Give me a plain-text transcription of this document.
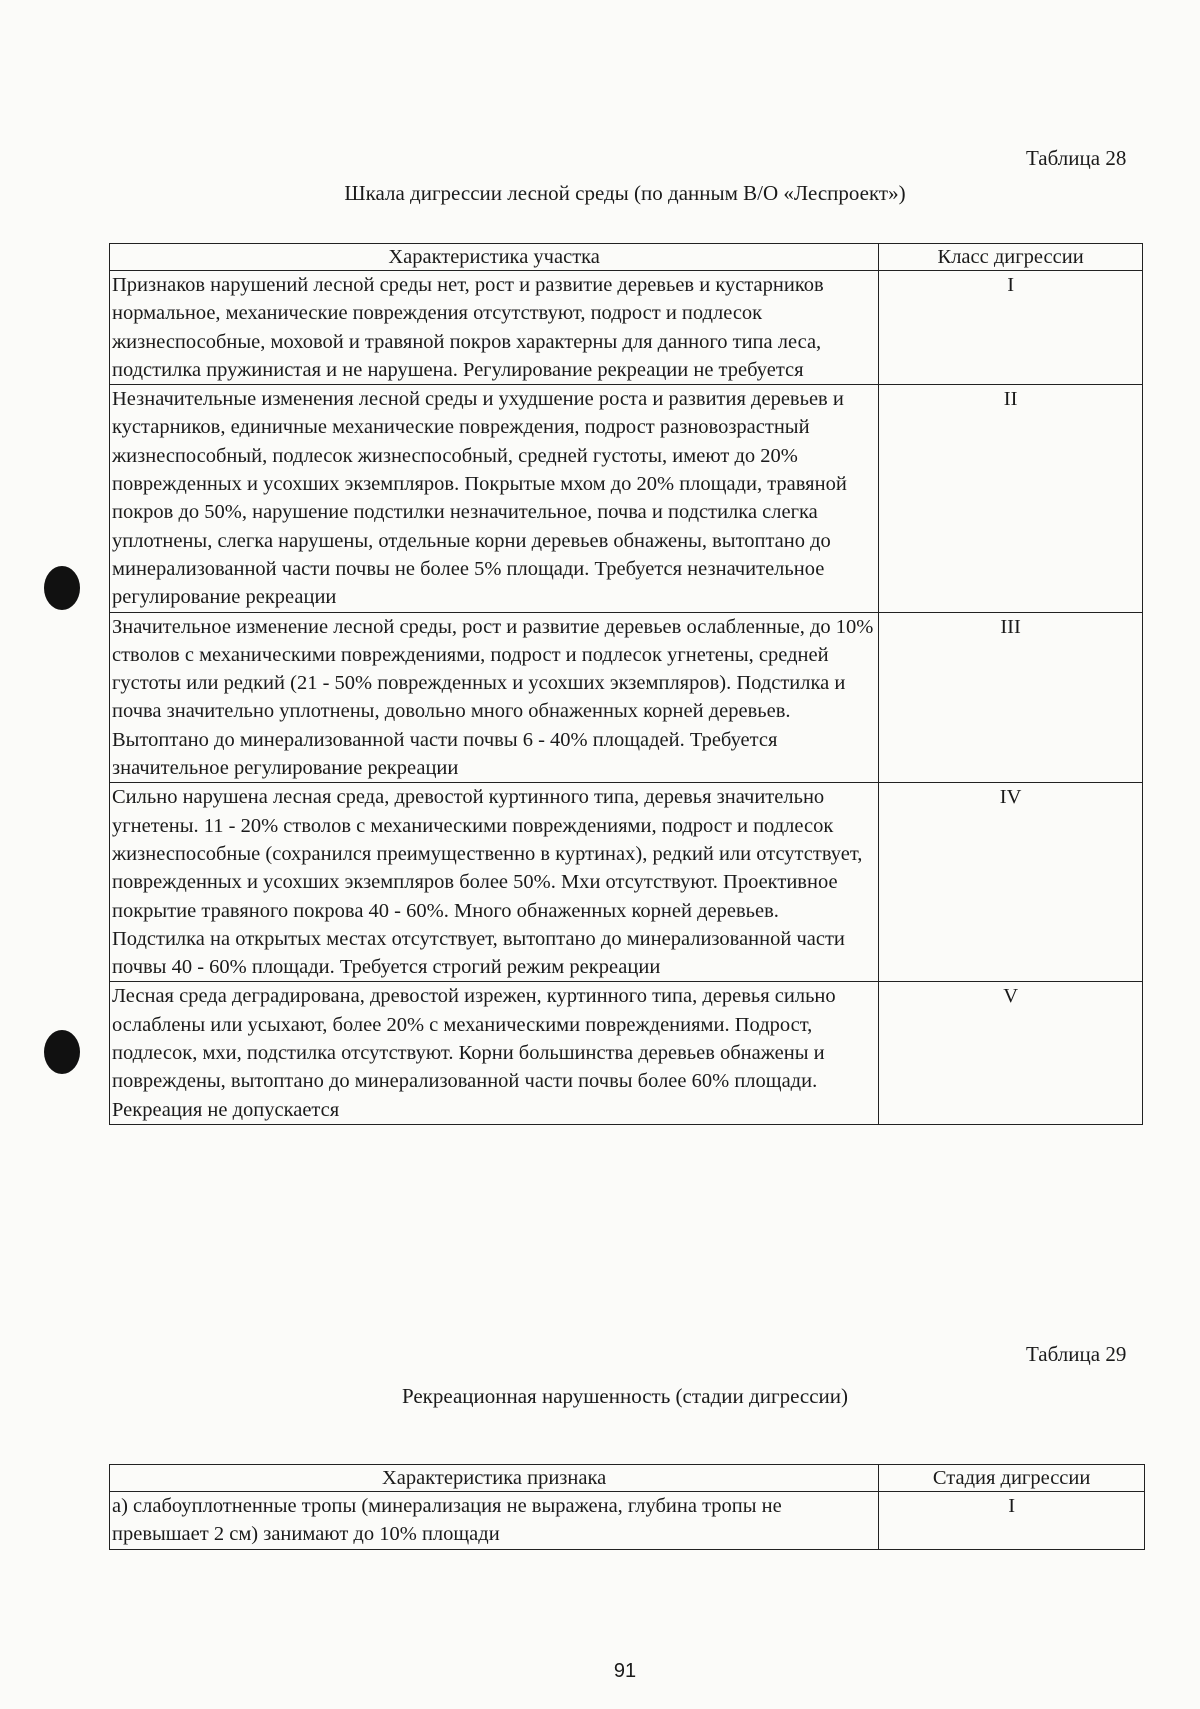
Таблица 28
Шкала дигрессии лесной среды (по данным В/О «Леспроект»)
Характеристика участка	Класс дигрессии
Признаков нарушений лесной среды нет, рост и развитие деревьев и кустарников нормальное, механические повреждения отсутствуют, подрост и подлесок жизнеспособные, моховой и травяной покров характерны для данного типа леса, подстилка пружинистая и не нарушена. Регулирование рекреации не требуется	I
Незначительные изменения лесной среды и ухудшение роста и развития деревьев и кустарников, единичные механические повреждения, подрост разновозрастный жизнеспособный, подлесок жизнеспособный, средней густоты, имеют до 20% поврежденных и усохших экземпляров. Покрытые мхом до 20% площади, травяной покров до 50%, нарушение подстилки незначительное, почва и подстилка слегка уплотнены, слегка нарушены, отдельные корни деревьев обнажены, вытоптано до минерализованной части почвы не более 5% площади. Требуется незначительное регулирование рекреации	II
Значительное изменение лесной среды, рост и развитие деревьев ослабленные, до 10% стволов с механическими повреждениями, подрост и подлесок угнетены, средней густоты или редкий (21 - 50% поврежденных и усохших экземпляров). Подстилка и почва значительно уплотнены, довольно много обнаженных корней деревьев. Вытоптано до минерализованной части почвы 6 - 40% площадей. Требуется значительное регулирование рекреации	III
Сильно нарушена лесная среда, древостой куртинного типа, деревья значительно угнетены. 11 - 20% стволов с механическими повреждениями, подрост и подлесок жизнеспособные (сохранился преимущественно в куртинах), редкий или отсутствует, поврежденных и усохших экземпляров более 50%. Мхи отсутствуют. Проективное покрытие травяного покрова 40 - 60%. Много обнаженных корней деревьев. Подстилка на открытых местах отсутствует, вытоптано до минерализованной части почвы 40 - 60% площади. Требуется строгий режим рекреации	IV
Лесная среда деградирована, древостой изрежен, куртинного типа, деревья сильно ослаблены или усыхают, более 20% с механическими повреждениями. Подрост, подлесок, мхи, подстилка отсутствуют. Корни большинства деревьев обнажены и повреждены, вытоптано до минерализованной части почвы более 60% площади. Рекреация не допускается	V
Таблица 29
Рекреационная нарушенность (стадии дигрессии)
Характеристика признака	Стадия дигрессии
а) слабоуплотненные тропы (минерализация не выражена, глубина тропы не превышает 2 см) занимают до 10% площади	I
91
